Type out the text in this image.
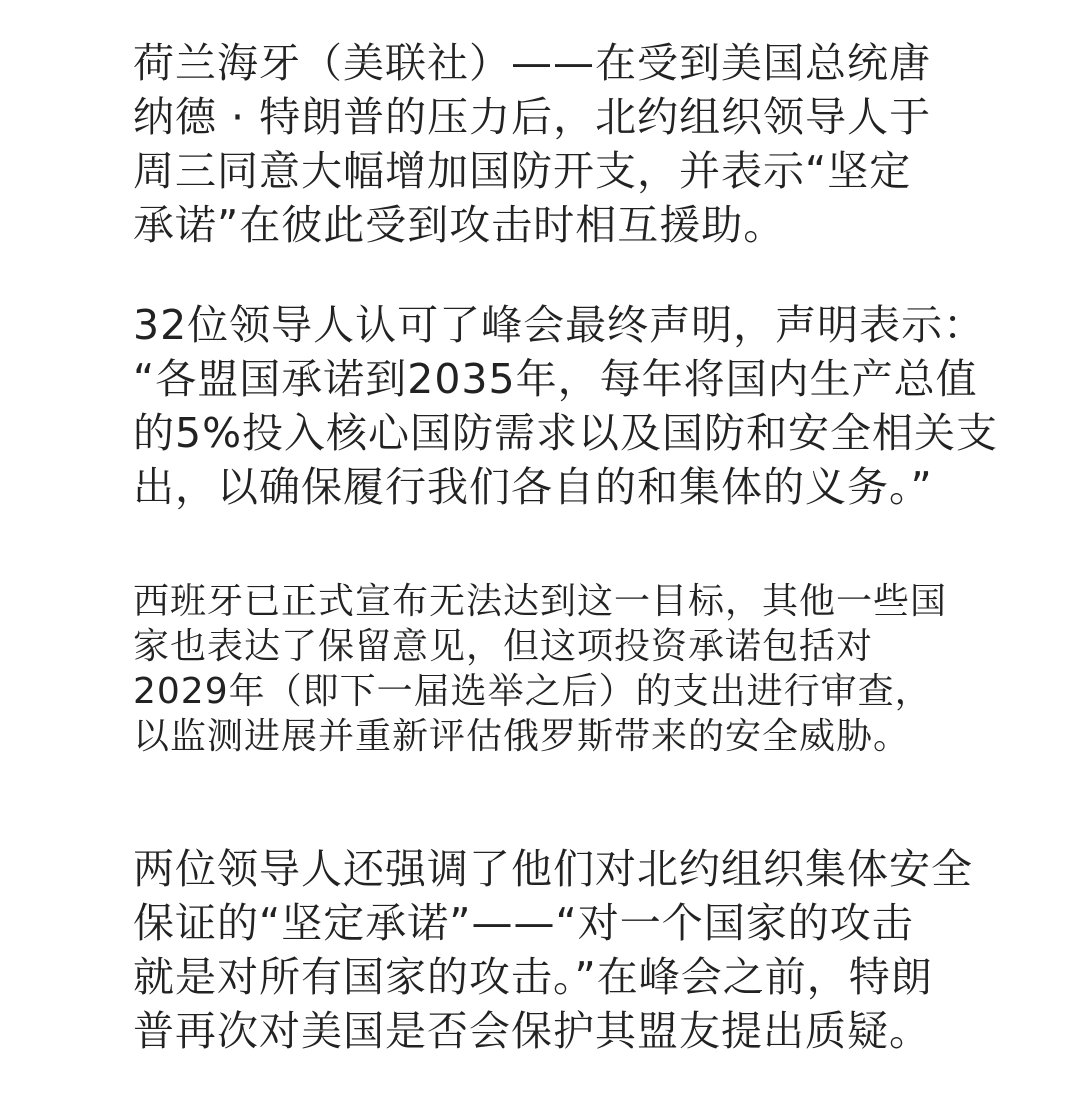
荷兰海牙（美联社）——在受到美国总统唐
纳德 · 特朗普的压力后，北约组织领导人于
周三同意大幅增加国防开支，并表示“坚定
承诺”在彼此受到攻击时相互援助。

32位领导人认可了峰会最终声明，声明表示：
“各盟国承诺到2035年，每年将国内生产总值
的5%投入核心国防需求以及国防和安全相关支
出，以确保履行我们各自的和集体的义务。”

西班牙已正式宣布无法达到这一目标，其他一些国
家也表达了保留意见，但这项投资承诺包括对
2029年（即下一届选举之后）的支出进行审查，
以监测进展并重新评估俄罗斯带来的安全威胁。

两位领导人还强调了他们对北约组织集体安全
保证的“坚定承诺”——“对一个国家的攻击
就是对所有国家的攻击。”在峰会之前，特朗
普再次对美国是否会保护其盟友提出质疑。
